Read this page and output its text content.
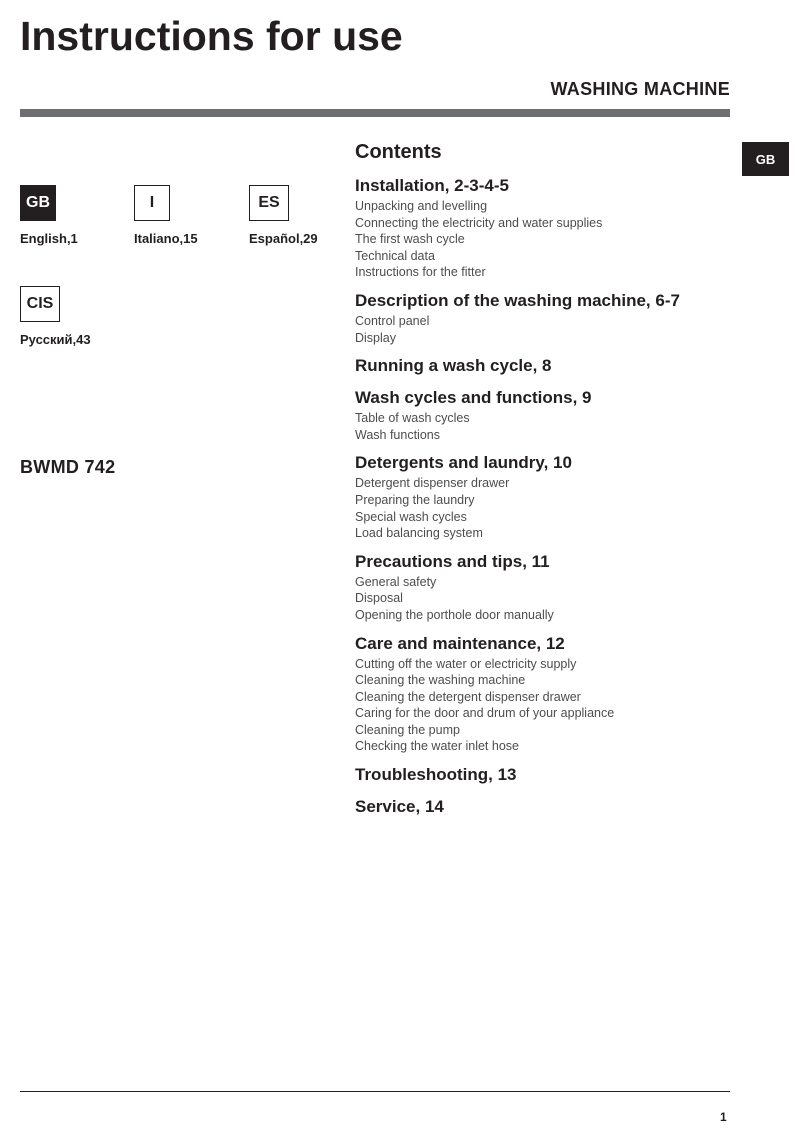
Instructions for use
WASHING MACHINE
GB
GB
English,1
I
Italiano,15
ES
Español,29
CIS
Русский,43
BWMD 742
Contents
Installation, 2-3-4-5
Unpacking and levelling
Connecting the electricity and water supplies
The first wash cycle
Technical data
Instructions for the fitter
Description of the washing machine, 6-7
Control panel
Display
Running a wash cycle, 8
Wash cycles and functions, 9
Table of wash cycles
Wash functions
Detergents and laundry, 10
Detergent dispenser drawer
Preparing the laundry
Special wash cycles
Load balancing system
Precautions and tips, 11
General safety
Disposal
Opening the porthole door manually
Care and maintenance, 12
Cutting off the water or electricity supply
Cleaning the washing machine
Cleaning the detergent dispenser drawer
Caring for the door and drum of your appliance
Cleaning the pump
Checking the water inlet hose
Troubleshooting, 13
Service, 14
1
